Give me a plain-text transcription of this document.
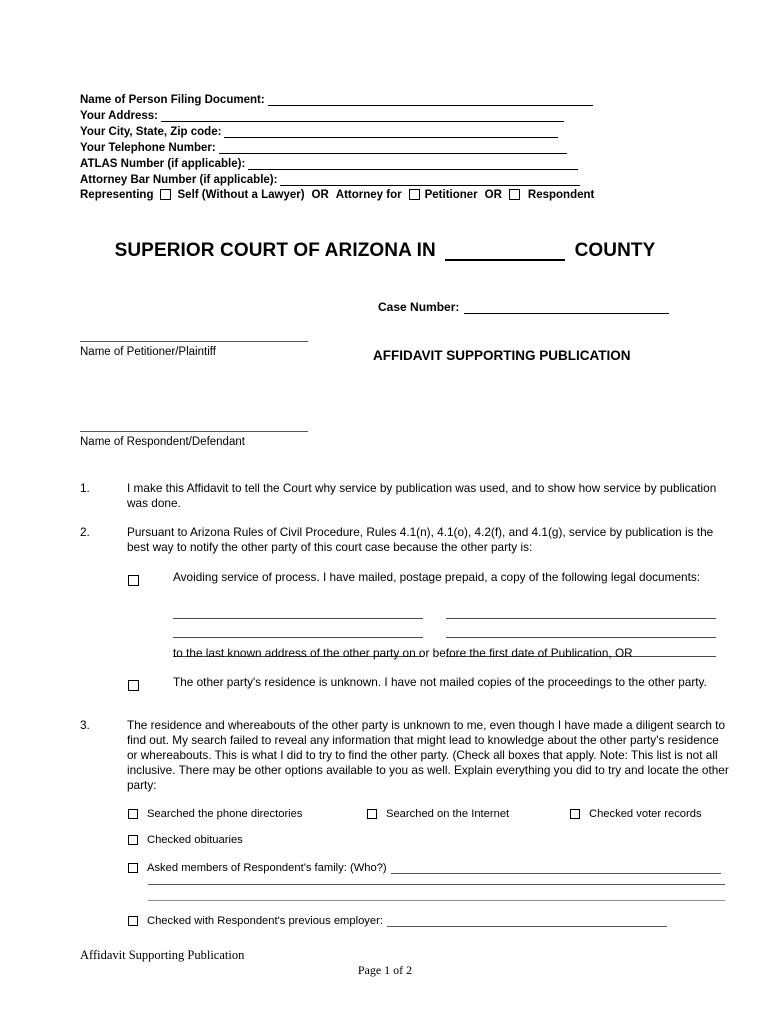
Name of Person Filing Document:
Your Address:
Your City, State, Zip code:
Your Telephone Number:
ATLAS Number (if applicable):
Attorney Bar Number (if applicable):
Representing Self (Without a Lawyer) OR Attorney for Petitioner OR Respondent
SUPERIOR COURT OF ARIZONA IN	COUNTY
Case Number:
Name of Petitioner/Plaintiff	AFFIDAVIT SUPPORTING PUBLICATION
Name of Respondent/Defendant
1.	I make this Affidavit to tell the Court why service by publication was used, and to show how service by publication was done.
2.	Pursuant to Arizona Rules of Civil Procedure, Rules 4.1(n), 4.1(o), 4.2(f), and 4.1(g), service by publication is the best way to notify the other party of this court case because the other party is:
Avoiding service of process. I have mailed, postage prepaid, a copy of the following legal documents:
to the last known address of the other party on or before the first date of Publication, OR
The other party's residence is unknown. I have not mailed copies of the proceedings to the other party.
3.	The residence and whereabouts of the other party is unknown to me, even though I have made a diligent search to find out. My search failed to reveal any information that might lead to knowledge about the other party's residence or whereabouts. This is what I did to try to find the other party. (Check all boxes that apply. Note: This list is not all inclusive. There may be other options available to you as well. Explain everything you did to try and locate the other party:
Searched the phone directories	Searched on the Internet	Checked voter records
Checked obituaries
Asked members of Respondent's family: (Who?)
Checked with Respondent's previous employer:
Affidavit Supporting Publication
Page 1 of 2
